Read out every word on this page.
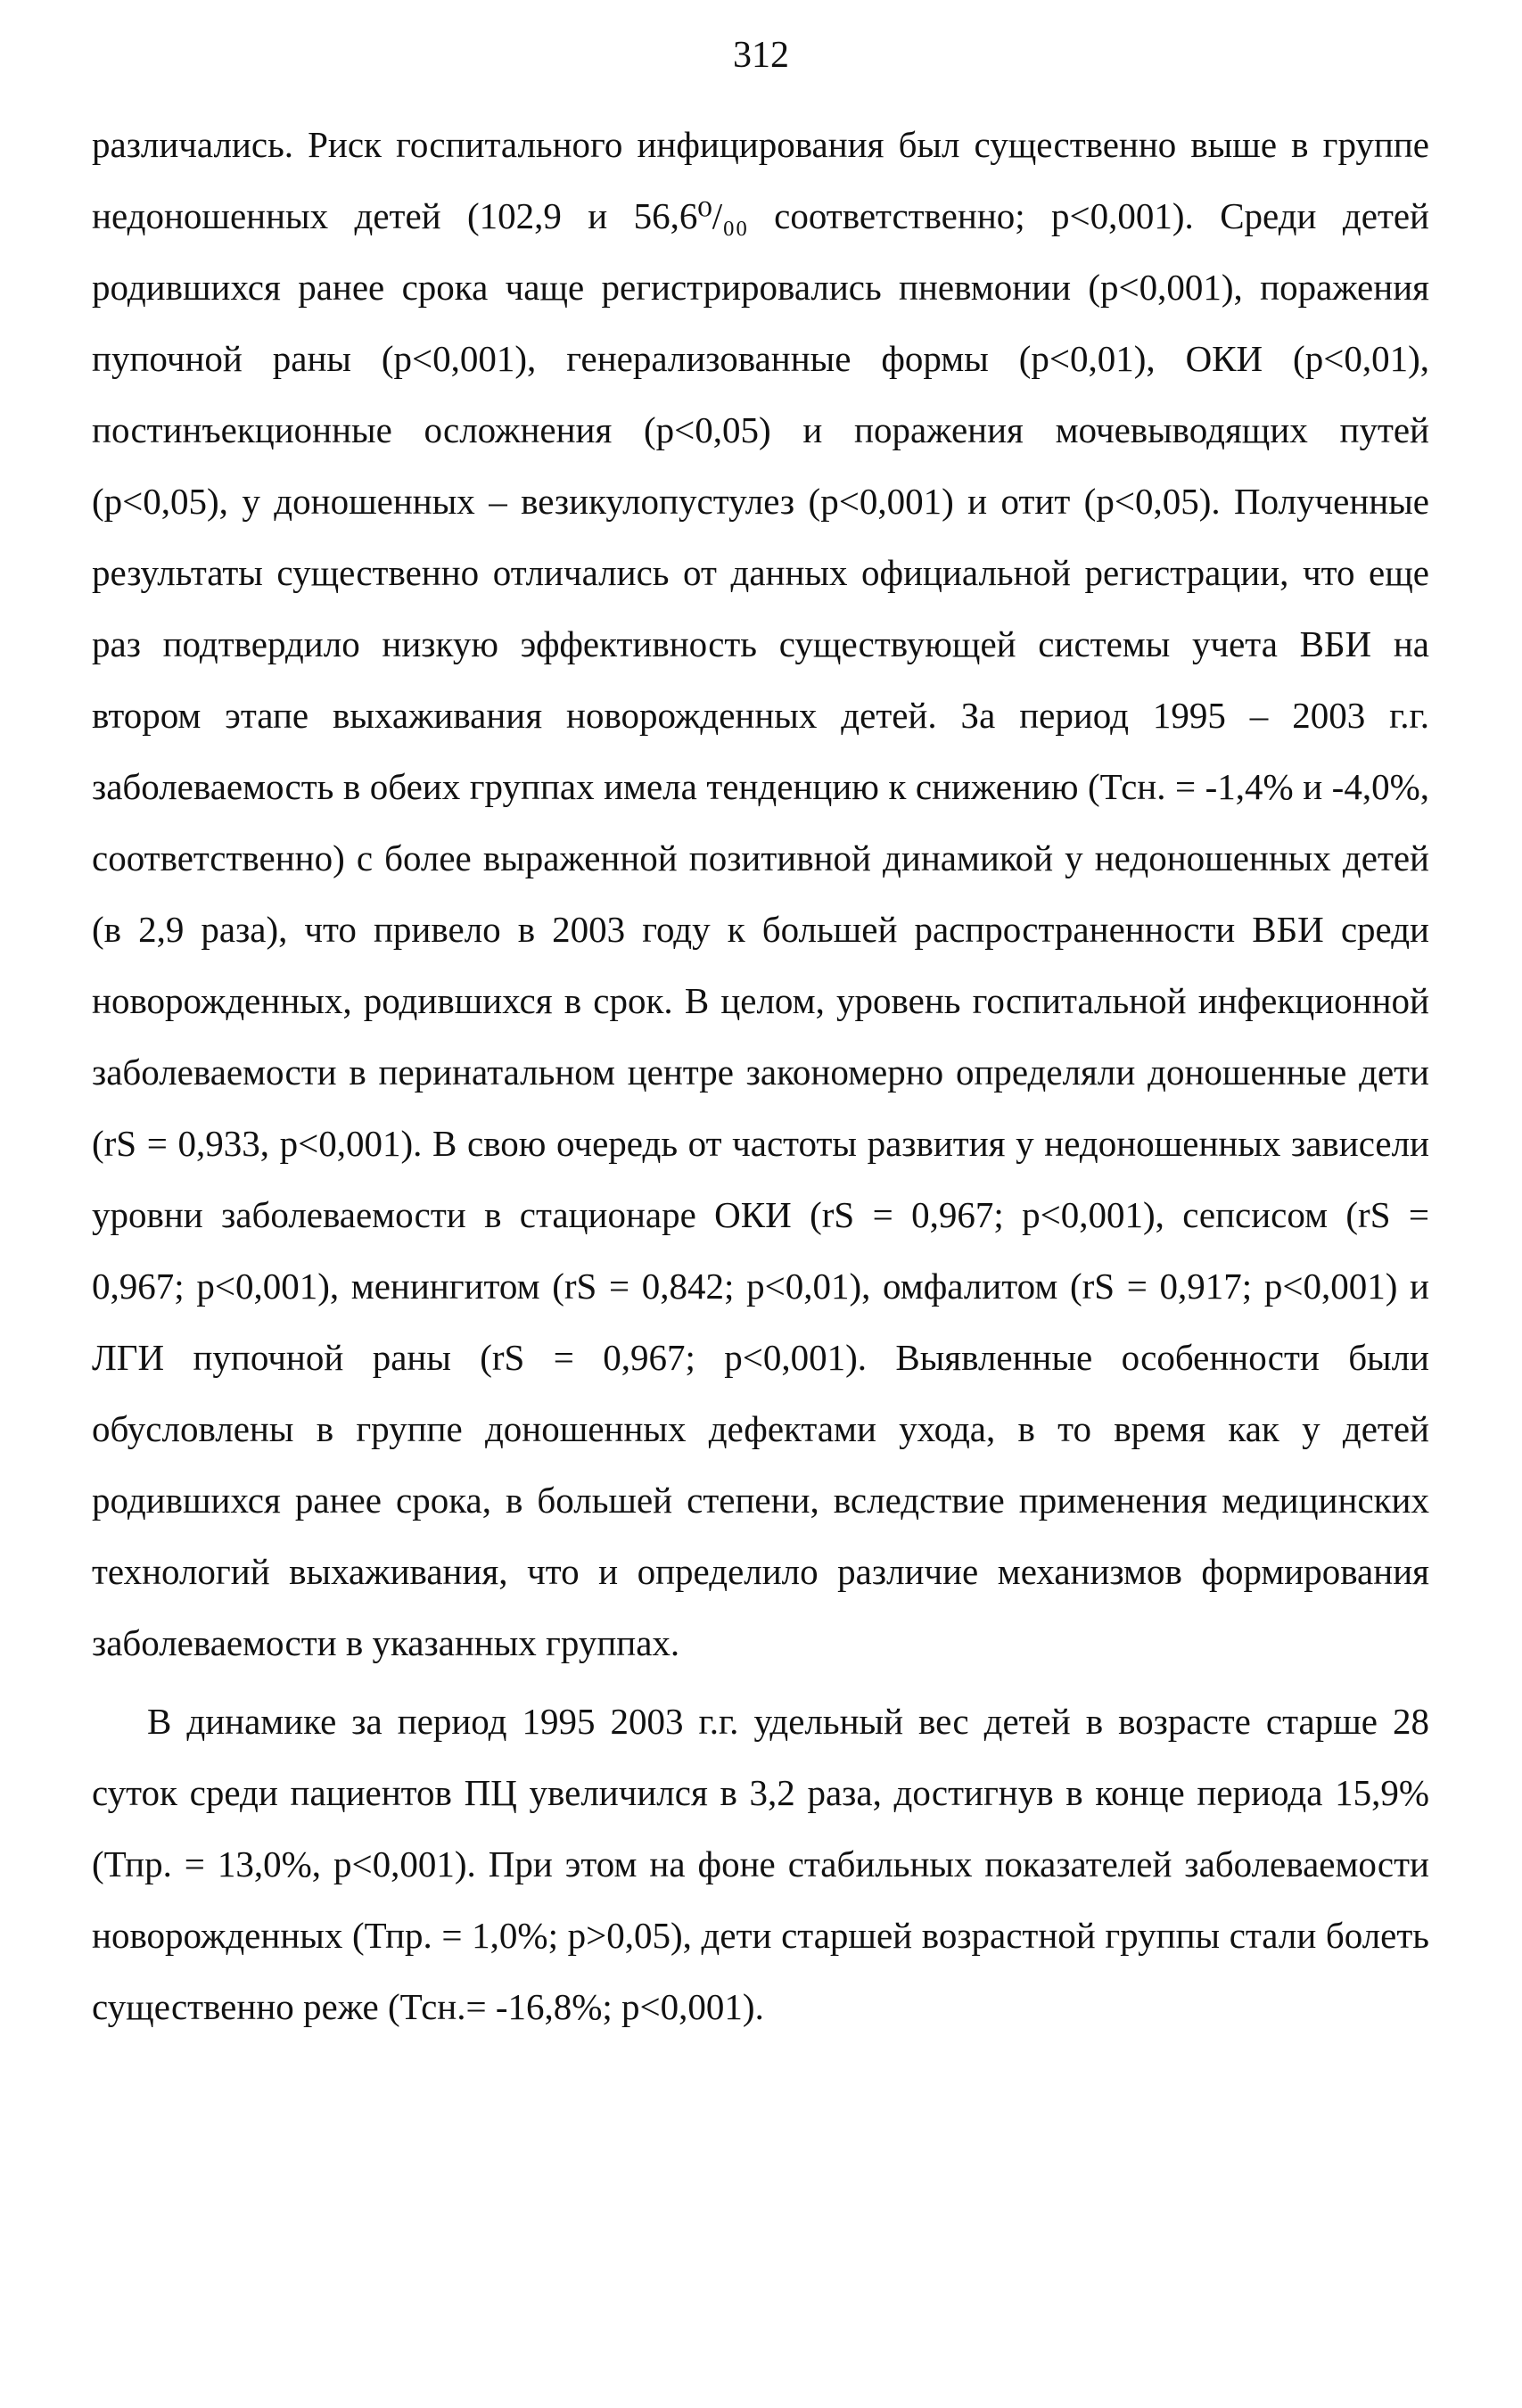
312

различались. Риск госпитального инфицирования был существенно выше в группе недоношенных детей (102,9 и 56,6⁰/₀₀ соответственно; p<0,001). Среди детей родившихся ранее срока чаще регистрировались пневмонии (p<0,001), поражения пупочной раны (p<0,001), генерализованные формы (p<0,01), ОКИ (p<0,01), постинъекционные осложнения (p<0,05) и поражения мочевыводящих путей (p<0,05), у доношенных – везикулопустулез (p<0,001) и отит (p<0,05). Полученные результаты существенно отличались от данных официальной регистрации, что еще раз подтвердило низкую эффективность существующей системы учета ВБИ на втором этапе выхаживания новорожденных детей. За период 1995 – 2003 г.г. заболеваемость в обеих группах имела тенденцию к снижению (Тсн. = -1,4% и -4,0%, соответственно) с более выраженной позитивной динамикой у недоношенных детей (в 2,9 раза), что привело в 2003 году к большей распространенности ВБИ среди новорожденных, родившихся в срок. В целом, уровень госпитальной инфекционной заболеваемости в перинатальном центре закономерно определяли доношенные дети (rS = 0,933, p<0,001). В свою очередь от частоты развития у недоношенных зависели уровни заболеваемости в стационаре ОКИ (rS = 0,967; p<0,001), сепсисом (rS = 0,967; p<0,001), менингитом (rS = 0,842; p<0,01), омфалитом (rS = 0,917; p<0,001) и ЛГИ пупочной раны (rS = 0,967; p<0,001). Выявленные особенности были обусловлены в группе доношенных дефектами ухода, в то время как у детей родившихся ранее срока, в большей степени, вследствие применения медицинских технологий выхаживания, что и определило различие механизмов формирования заболеваемости в указанных группах.

В динамике за период 1995 2003 г.г. удельный вес детей в возрасте старше 28 суток среди пациентов ПЦ увеличился в 3,2 раза, достигнув в конце периода 15,9% (Тпр. = 13,0%, p<0,001). При этом на фоне стабильных показателей заболеваемости новорожденных (Тпр. = 1,0%; p>0,05), дети старшей возрастной группы стали болеть существенно реже (Тсн.= -16,8%; p<0,001).
